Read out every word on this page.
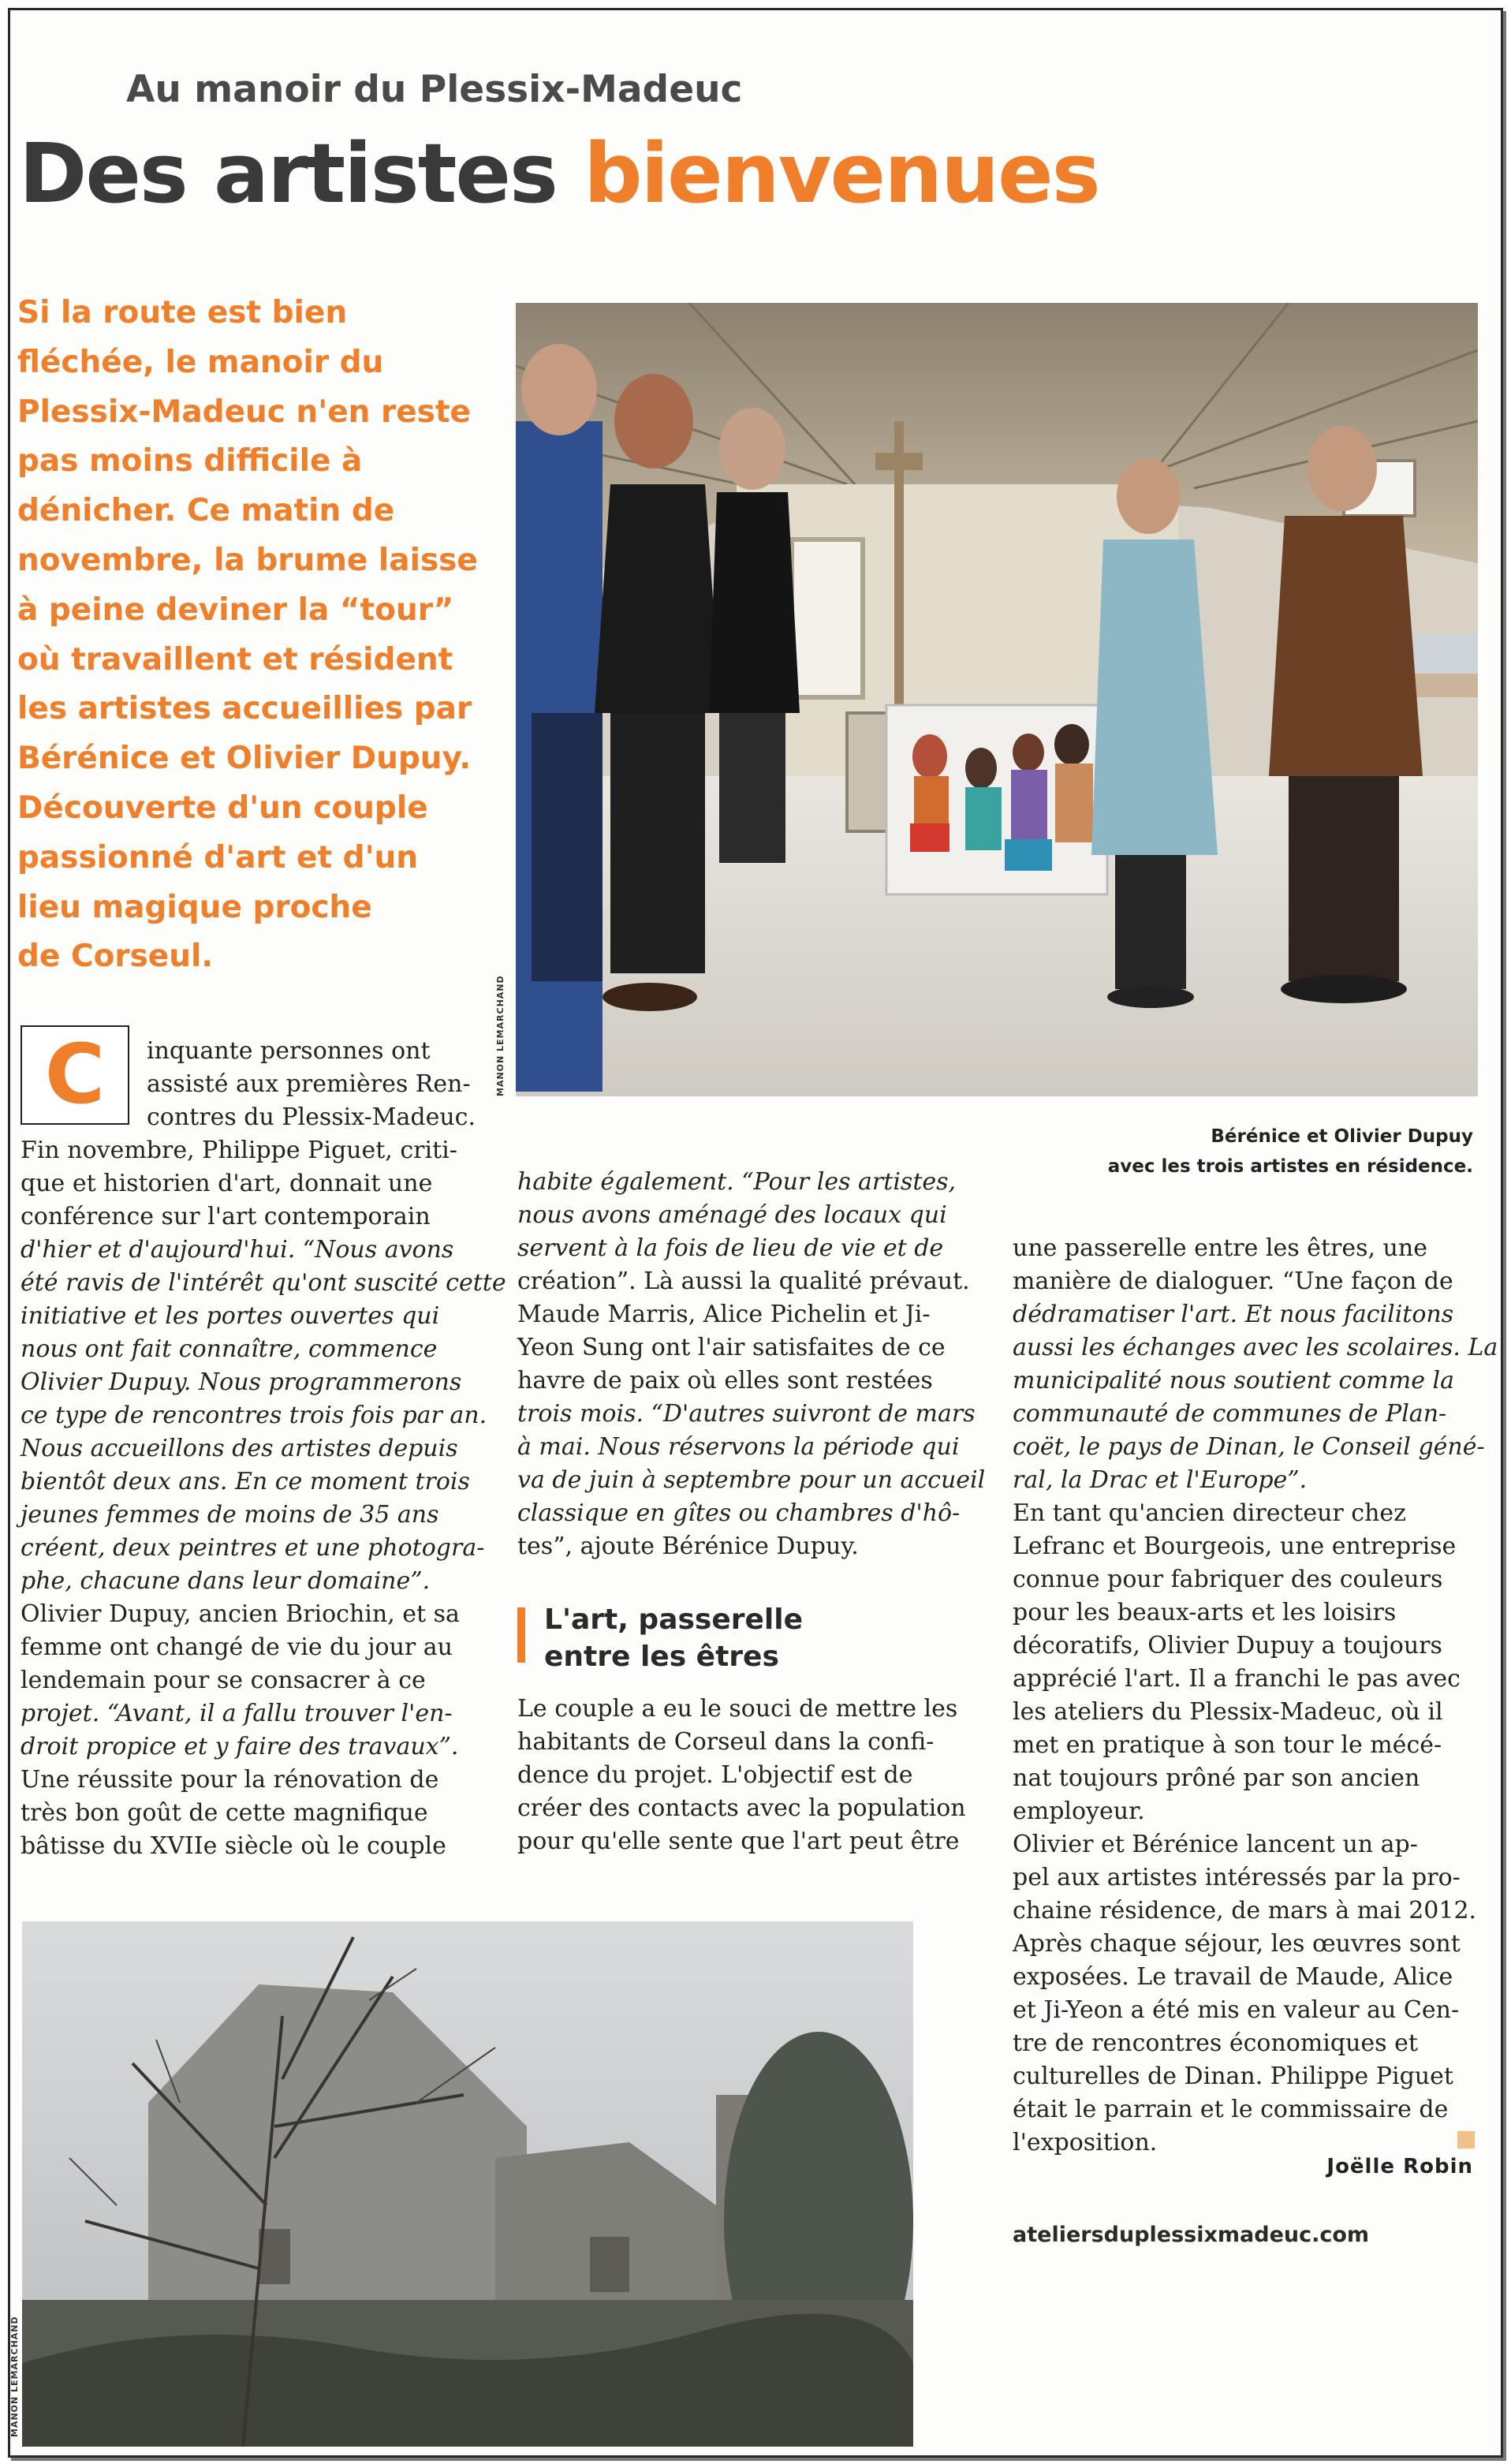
Au manoir du Plessix-Madeuc
Des artistes bienvenues
Si la route est bien
fléchée, le manoir du
Plessix-Madeuc n'en reste
pas moins difficile à
dénicher. Ce matin de
novembre, la brume laisse
à peine deviner la “tour”
où travaillent et résident
les artistes accueillies par
Bérénice et Olivier Dupuy.
Découverte d'un couple
passionné d'art et d'un
lieu magique proche
de Corseul.
MANON LEMARCHAND
Bérénice et Olivier Dupuy
avec les trois artistes en résidence.
C	inquante personnes ont
assisté aux premières Ren-
contres du Plessix-Madeuc.
Fin novembre, Philippe Piguet, criti-
que et historien d'art, donnait une
conférence sur l'art contemporain
d'hier et d'aujourd'hui. “Nous avons
été ravis de l'intérêt qu'ont suscité cette
initiative et les portes ouvertes qui
nous ont fait connaître, commence
Olivier Dupuy. Nous programmerons
ce type de rencontres trois fois par an.
Nous accueillons des artistes depuis
bientôt deux ans. En ce moment trois
jeunes femmes de moins de 35 ans
créent, deux peintres et une photogra-
phe, chacune dans leur domaine”.
Olivier Dupuy, ancien Briochin, et sa
femme ont changé de vie du jour au
lendemain pour se consacrer à ce
projet. “Avant, il a fallu trouver l'en-
droit propice et y faire des travaux”.
Une réussite pour la rénovation de
très bon goût de cette magnifique
bâtisse du XVIIe siècle où le couple
habite également. “Pour les artistes,
nous avons aménagé des locaux qui
servent à la fois de lieu de vie et de
création”. Là aussi la qualité prévaut.
Maude Marris, Alice Pichelin et Ji-
Yeon Sung ont l'air satisfaites de ce
havre de paix où elles sont restées
trois mois. “D'autres suivront de mars
à mai. Nous réservons la période qui
va de juin à septembre pour un accueil
classique en gîtes ou chambres d'hô-
tes”, ajoute Bérénice Dupuy.
L'art, passerelle
entre les êtres
Le couple a eu le souci de mettre les
habitants de Corseul dans la confi-
dence du projet. L'objectif est de
créer des contacts avec la population
pour qu'elle sente que l'art peut être
une passerelle entre les êtres, une
manière de dialoguer. “Une façon de
dédramatiser l'art. Et nous facilitons
aussi les échanges avec les scolaires. La
municipalité nous soutient comme la
communauté de communes de Plan-
coët, le pays de Dinan, le Conseil géné-
ral, la Drac et l'Europe”.
En tant qu'ancien directeur chez
Lefranc et Bourgeois, une entreprise
connue pour fabriquer des couleurs
pour les beaux-arts et les loisirs
décoratifs, Olivier Dupuy a toujours
apprécié l'art. Il a franchi le pas avec
les ateliers du Plessix-Madeuc, où il
met en pratique à son tour le mécé-
nat toujours prôné par son ancien
employeur.
Olivier et Bérénice lancent un ap-
pel aux artistes intéressés par la pro-
chaine résidence, de mars à mai 2012.
Après chaque séjour, les œuvres sont
exposées. Le travail de Maude, Alice
et Ji-Yeon a été mis en valeur au Cen-
tre de rencontres économiques et
culturelles de Dinan. Philippe Piguet
était le parrain et le commissaire de
l'exposition.
MANON LEMARCHAND
Joëlle Robin
ateliersduplessixmadeuc.com
